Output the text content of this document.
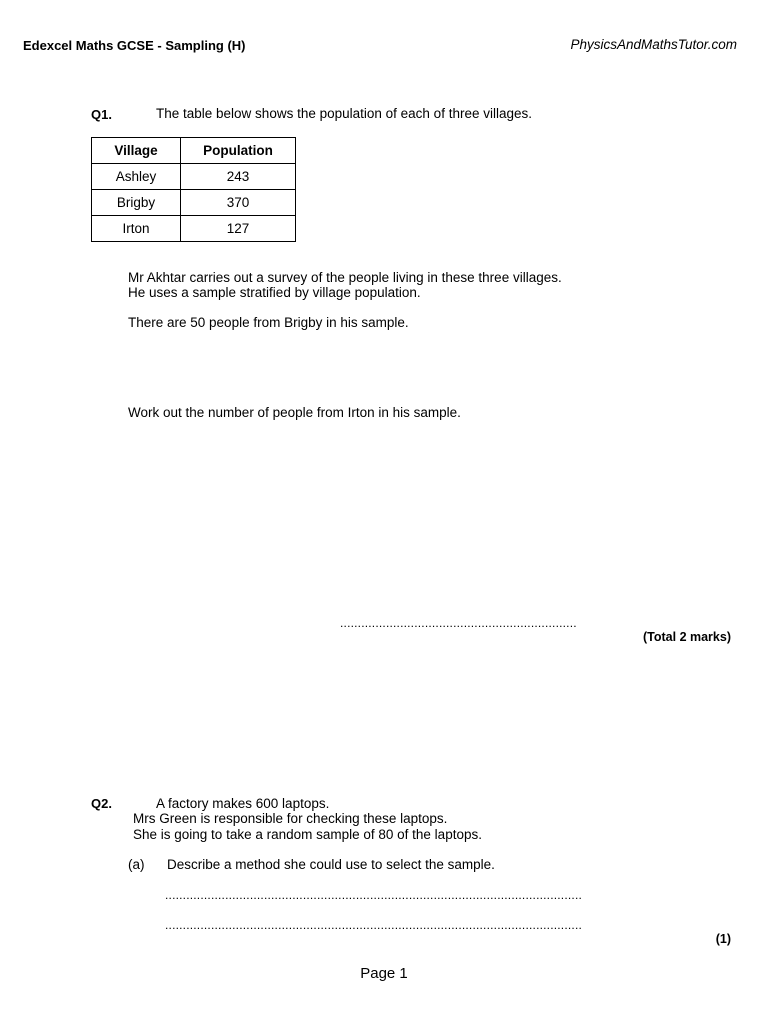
Edexcel Maths GCSE - Sampling (H)	PhysicsAndMathsTutor.com
Q1.	The table below shows the population of each of three villages.
Village	Population
Ashley	243
Brigby	370
Irton	127
Mr Akhtar carries out a survey of the people living in these three villages.
He uses a sample stratified by village population.
There are 50 people from Brigby in his sample.
Work out the number of people from Irton in his sample.
...................................................................
(Total 2 marks)
Q2.	A factory makes 600 laptops.
Mrs Green is responsible for checking these laptops.
She is going to take a random sample of 80 of the laptops.
(a) Describe a method she could use to select the sample.
......................................................................................................................
......................................................................................................................
(1)
Page 1
